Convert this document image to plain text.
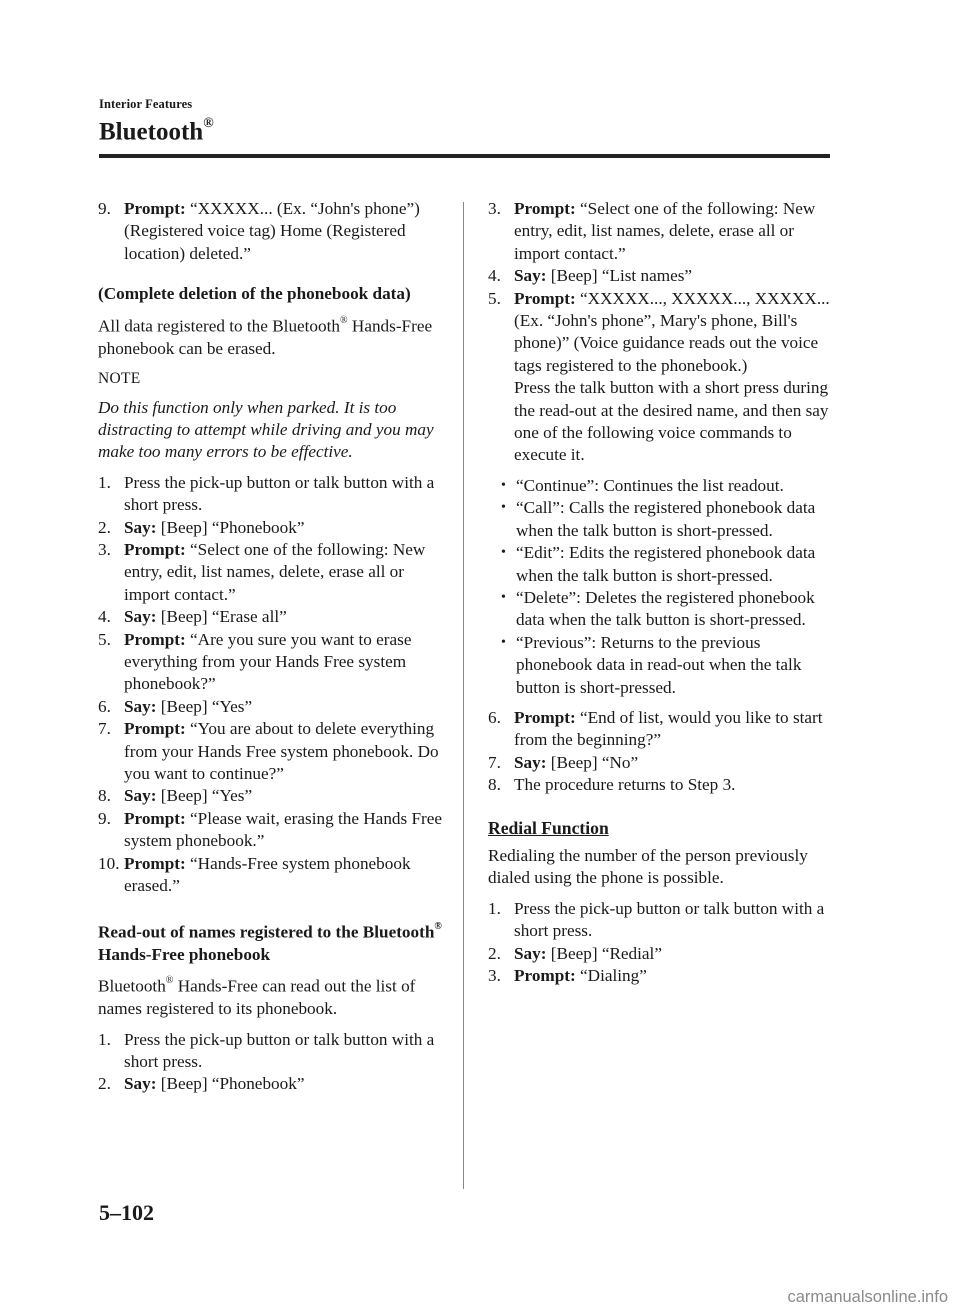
Interior Features
Bluetooth®
9. Prompt: “XXXXX... (Ex. “John's phone”) (Registered voice tag) Home (Registered location) deleted.”
(Complete deletion of the phonebook data)
All data registered to the Bluetooth® Hands-Free phonebook can be erased.
NOTE
Do this function only when parked. It is too distracting to attempt while driving and you may make too many errors to be effective.
1. Press the pick-up button or talk button with a short press.
2. Say: [Beep] “Phonebook”
3. Prompt: “Select one of the following: New entry, edit, list names, delete, erase all or import contact.”
4. Say: [Beep] “Erase all”
5. Prompt: “Are you sure you want to erase everything from your Hands Free system phonebook?”
6. Say: [Beep] “Yes”
7. Prompt: “You are about to delete everything from your Hands Free system phonebook. Do you want to continue?”
8. Say: [Beep] “Yes”
9. Prompt: “Please wait, erasing the Hands Free system phonebook.”
10. Prompt: “Hands-Free system phonebook erased.”
Read-out of names registered to the Bluetooth® Hands-Free phonebook
Bluetooth® Hands-Free can read out the list of names registered to its phonebook.
1. Press the pick-up button or talk button with a short press.
2. Say: [Beep] “Phonebook”
3. Prompt: “Select one of the following: New entry, edit, list names, delete, erase all or import contact.”
4. Say: [Beep] “List names”
5. Prompt: “XXXXX..., XXXXX..., XXXXX... (Ex. “John's phone”, Mary's phone, Bill's phone)” (Voice guidance reads out the voice tags registered to the phonebook.)
Press the talk button with a short press during the read-out at the desired name, and then say one of the following voice commands to execute it.
• “Continue”: Continues the list readout.
• “Call”: Calls the registered phonebook data when the talk button is short-pressed.
• “Edit”: Edits the registered phonebook data when the talk button is short-pressed.
• “Delete”: Deletes the registered phonebook data when the talk button is short-pressed.
• “Previous”: Returns to the previous phonebook data in read-out when the talk button is short-pressed.
6. Prompt: “End of list, would you like to start from the beginning?”
7. Say: [Beep] “No”
8. The procedure returns to Step 3.
Redial Function
Redialing the number of the person previously dialed using the phone is possible.
1. Press the pick-up button or talk button with a short press.
2. Say: [Beep] “Redial”
3. Prompt: “Dialing”
5–102
carmanualsonline.info
